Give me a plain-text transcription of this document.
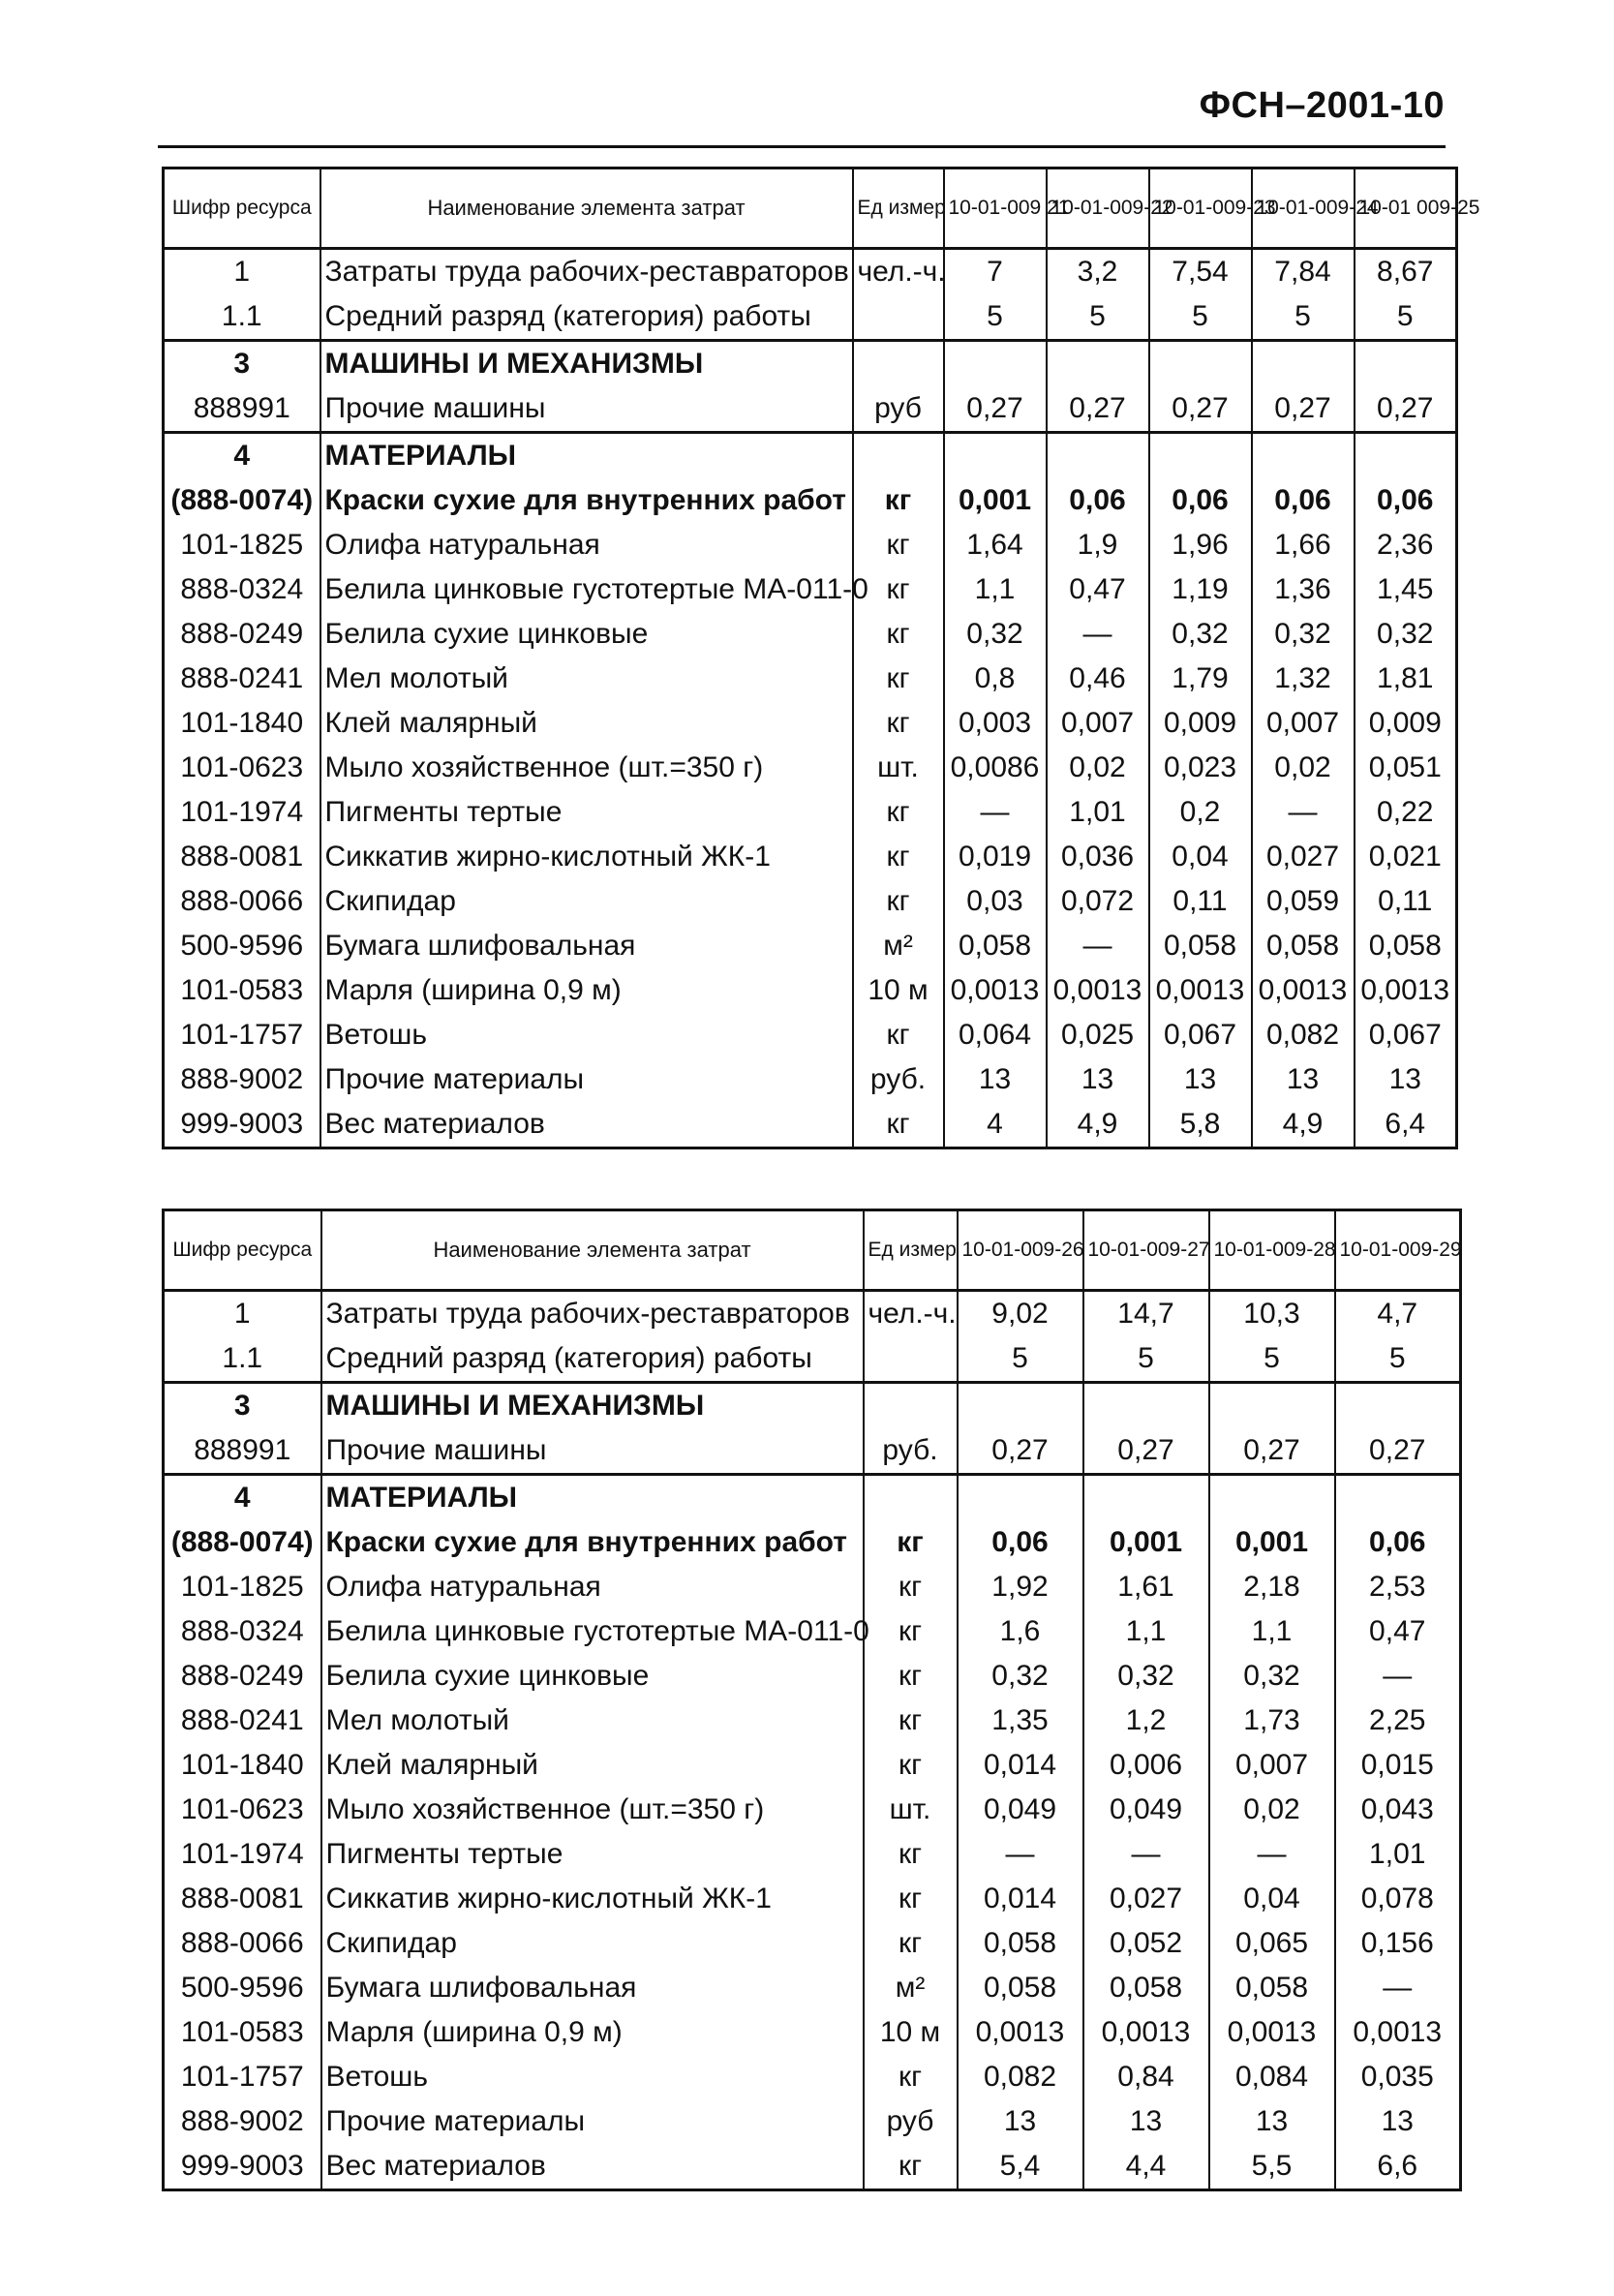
ФСН–2001-10
Шифр ресурса	Наименование элемента затрат	Ед измер	10-01-009 21	10-01-009-22	10-01-009-23	10-01-009-24	10-01 009-25
1	Затраты труда рабочих-реставраторов	чел.-ч.	7	3,2	7,54	7,84	8,67
1.1	Средний разряд (категория) работы		5	5	5	5	5
3	МАШИНЫ И МЕХАНИЗМЫ						
888991	Прочие машины	руб	0,27	0,27	0,27	0,27	0,27
4	МАТЕРИАЛЫ						
(888-0074)	Краски сухие для внутренних работ	кг	0,001	0,06	0,06	0,06	0,06
101-1825	Олифа натуральная	кг	1,64	1,9	1,96	1,66	2,36
888-0324	Белила цинковые густотертые МА-011-0	кг	1,1	0,47	1,19	1,36	1,45
888-0249	Белила сухие цинковые	кг	0,32	—	0,32	0,32	0,32
888-0241	Мел молотый	кг	0,8	0,46	1,79	1,32	1,81
101-1840	Клей малярный	кг	0,003	0,007	0,009	0,007	0,009
101-0623	Мыло хозяйственное (шт.=350 г)	шт.	0,0086	0,02	0,023	0,02	0,051
101-1974	Пигменты тертые	кг	—	1,01	0,2	—	0,22
888-0081	Сиккатив жирно-кислотный ЖК-1	кг	0,019	0,036	0,04	0,027	0,021
888-0066	Скипидар	кг	0,03	0,072	0,11	0,059	0,11
500-9596	Бумага шлифовальная	м²	0,058	—	0,058	0,058	0,058
101-0583	Марля (ширина 0,9 м)	10 м	0,0013	0,0013	0,0013	0,0013	0,0013
101-1757	Ветошь	кг	0,064	0,025	0,067	0,082	0,067
888-9002	Прочие материалы	руб.	13	13	13	13	13
999-9003	Вес материалов	кг	4	4,9	5,8	4,9	6,4
Шифр ресурса	Наименование элемента затрат	Ед измер	10-01-009-26	10-01-009-27	10-01-009-28	10-01-009-29
1	Затраты труда рабочих-реставраторов	чел.-ч.	9,02	14,7	10,3	4,7
1.1	Средний разряд (категория) работы		5	5	5	5
3	МАШИНЫ И МЕХАНИЗМЫ					
888991	Прочие машины	руб.	0,27	0,27	0,27	0,27
4	МАТЕРИАЛЫ					
(888-0074)	Краски сухие для внутренних работ	кг	0,06	0,001	0,001	0,06
101-1825	Олифа натуральная	кг	1,92	1,61	2,18	2,53
888-0324	Белила цинковые густотертые МА-011-0	кг	1,6	1,1	1,1	0,47
888-0249	Белила сухие цинковые	кг	0,32	0,32	0,32	—
888-0241	Мел молотый	кг	1,35	1,2	1,73	2,25
101-1840	Клей малярный	кг	0,014	0,006	0,007	0,015
101-0623	Мыло хозяйственное (шт.=350 г)	шт.	0,049	0,049	0,02	0,043
101-1974	Пигменты тертые	кг	—	—	—	1,01
888-0081	Сиккатив жирно-кислотный ЖК-1	кг	0,014	0,027	0,04	0,078
888-0066	Скипидар	кг	0,058	0,052	0,065	0,156
500-9596	Бумага шлифовальная	м²	0,058	0,058	0,058	—
101-0583	Марля (ширина 0,9 м)	10 м	0,0013	0,0013	0,0013	0,0013
101-1757	Ветошь	кг	0,082	0,84	0,084	0,035
888-9002	Прочие материалы	руб	13	13	13	13
999-9003	Вес материалов	кг	5,4	4,4	5,5	6,6
